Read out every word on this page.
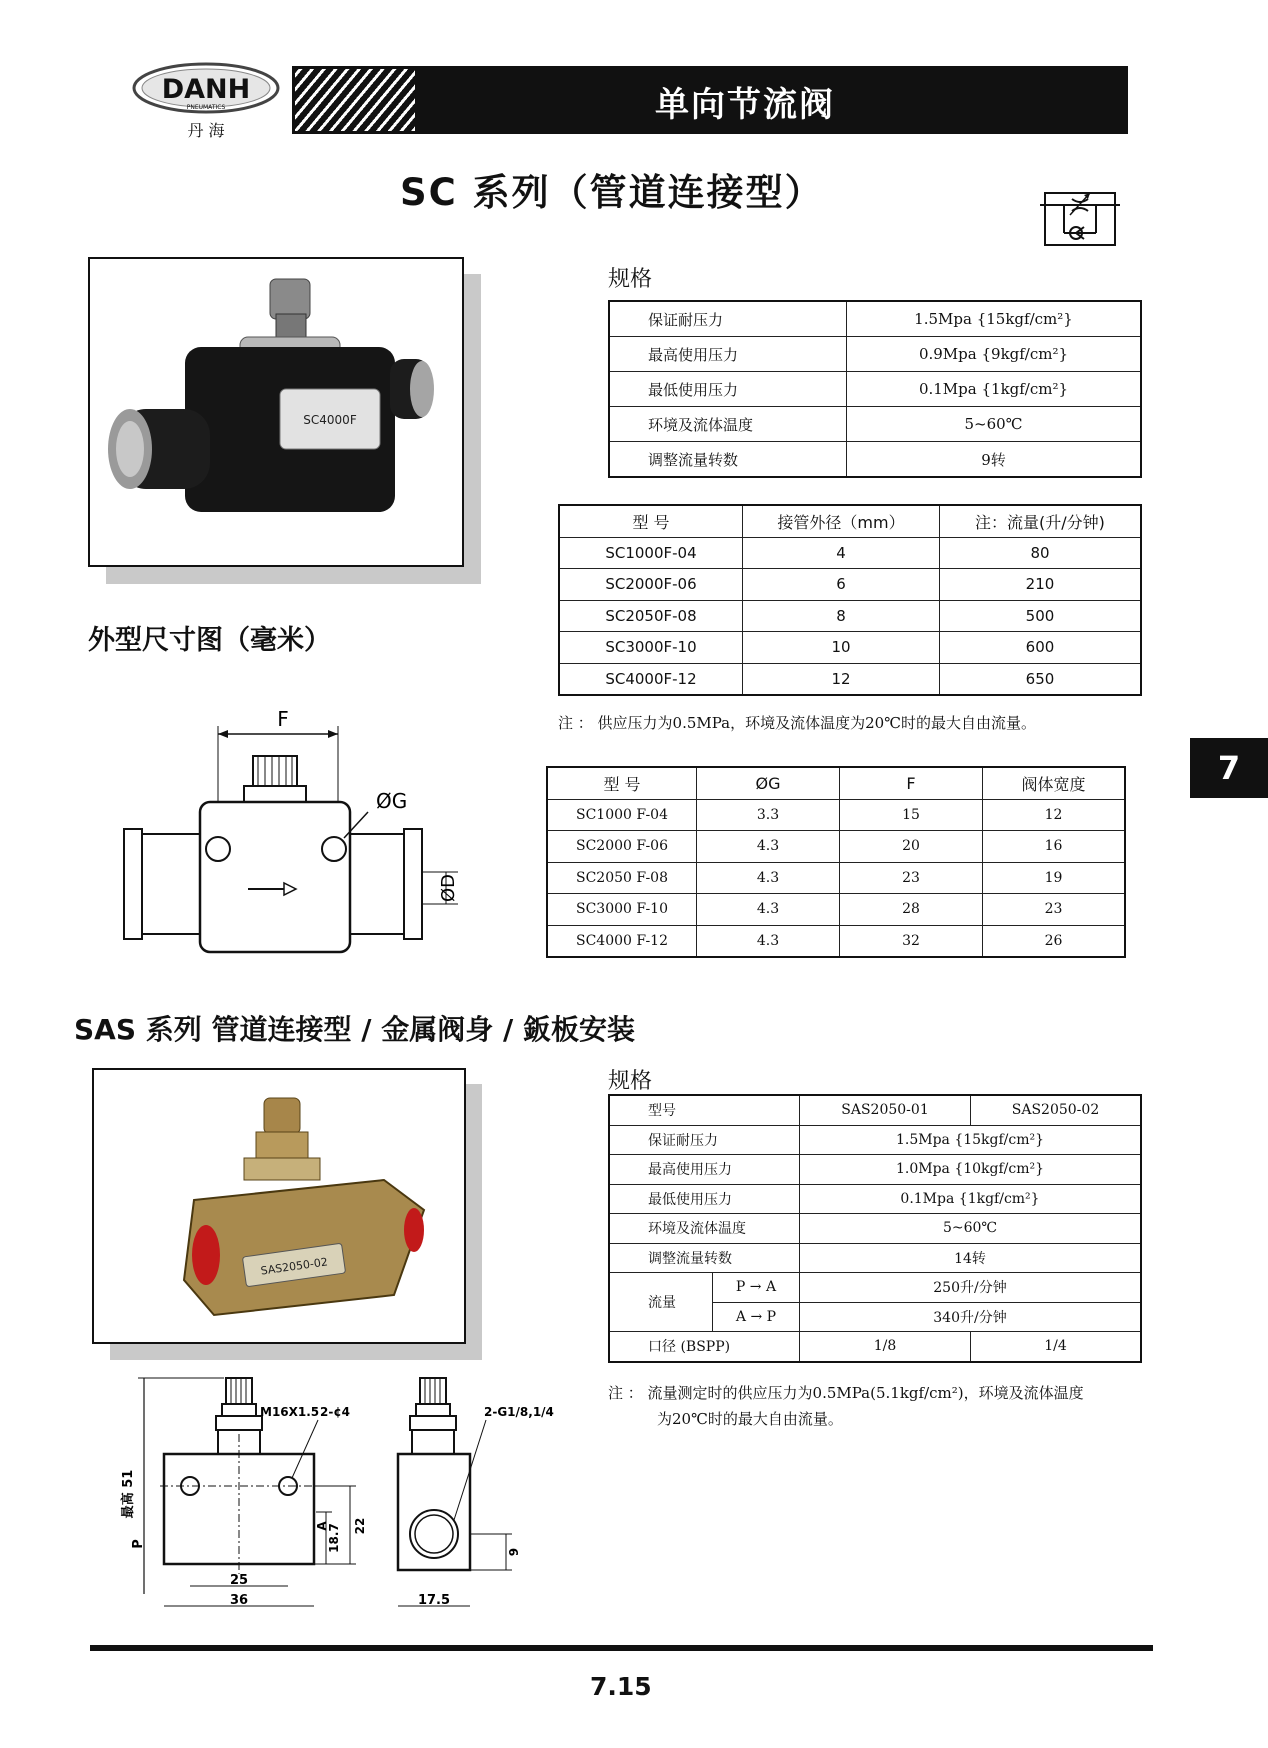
DANH
PNEUMATICS
丹 海
单向节流阀
SC 系列（管道连接型）
SC4000F
规格
保证耐压力	1.5Mpa {15kgf/cm²}
最高使用压力	0.9Mpa {9kgf/cm²}
最低使用压力	0.1Mpa {1kgf/cm²}
环境及流体温度	5~60℃
调整流量转数	9转
型 号	接管外径（mm）	注：流量(升/分钟)
SC1000F-04	4	80
SC2000F-06	6	210
SC2050F-08	8	500
SC3000F-10	10	600
SC4000F-12	12	650
注 ： 供应压力为0.5MPa，环境及流体温度为20℃时的最大自由流量。
外型尺寸图（毫米）
F
ØG
ØD
型 号	ØG	F	阀体宽度
SC1000 F-04	3.3	15	12
SC2000 F-06	4.3	20	16
SC2050 F-08	4.3	23	19
SC3000 F-10	4.3	28	23
SC4000 F-12	4.3	32	26
7
SAS 系列 管道连接型 / 金属阀身 / 鈑板安装
SAS2050-02
规格
型号		SAS2050-01	SAS2050-02
保证耐压力		1.5Mpa {15kgf/cm²}	
最高使用压力		1.0Mpa {10kgf/cm²}	
最低使用压力		0.1Mpa {1kgf/cm²}	
环境及流体温度		5~60℃	
调整流量转数		14转	
流量	P → A	250升/分钟	
	A → P	340升/分钟	
口径 (BSPP)		1/8	1/4
注 ： 流量测定时的供应压力为0.5MPa(5.1kgf/cm²)，环境及流体温度
为20℃时的最大自由流量。
最高 51
P
M16X1.5 2-¢4
A
18.7 22
25
36
2-G1/8,1/4
9
17.5
7.15
